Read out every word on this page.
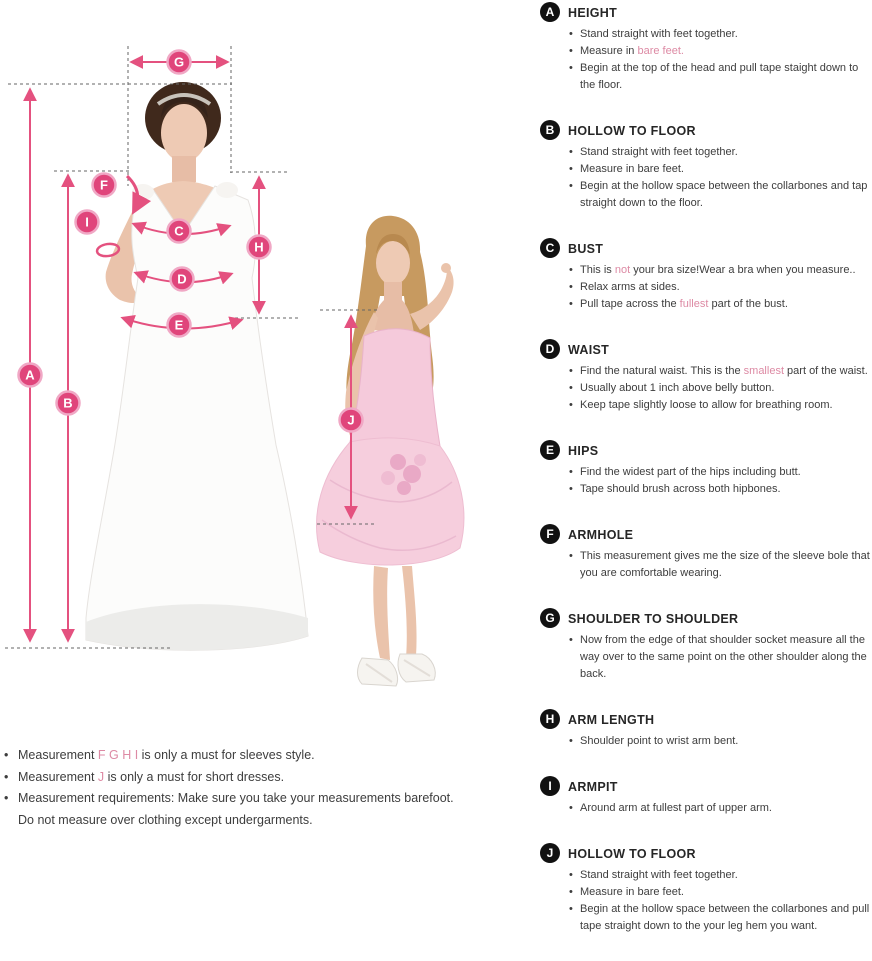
G
F
I
C
H
D
E
A
B
J
A	HEIGHT
• Stand straight with feet together.
• Measure in bare feet.
• Begin at the top of the head and pull tape staight down to the floor.
B	HOLLOW TO FLOOR
• Stand straight with feet together.
• Measure in bare feet.
• Begin at the hollow space between the collarbones and tap straight down to the floor.
C	BUST
• This is not your bra size!Wear a bra when you measure..
• Relax arms at sides.
• Pull tape across the fullest part of the bust.
D	WAIST
• Find the natural waist. This is the smallest part of the waist.
• Usually about 1 inch above belly button.
• Keep tape slightly loose to allow for breathing room.
E	HIPS
• Find the widest part of the hips including butt.
• Tape should brush across both hipbones.
F	ARMHOLE
• This measurement gives me the size of the sleeve bole that you are comfortable wearing.
G	SHOULDER TO SHOULDER
• Now from the edge of that shoulder socket measure all the way over to the same point on the other shoulder along the back.
H	ARM LENGTH
• Shoulder point to wrist arm bent.
I	ARMPIT
• Around arm at fullest part of upper arm.
J	HOLLOW TO FLOOR
• Stand straight with feet together.
• Measure in bare feet.
• Begin at the hollow space between the collarbones and pull tape straight down to the your leg hem you want.
• Measurement F G H I is only a must for sleeves style.
• Measurement J is only a must for short dresses.
• Measurement requirements: Make sure you take your measurements barefoot.
Do not measure over clothing except undergarments.
